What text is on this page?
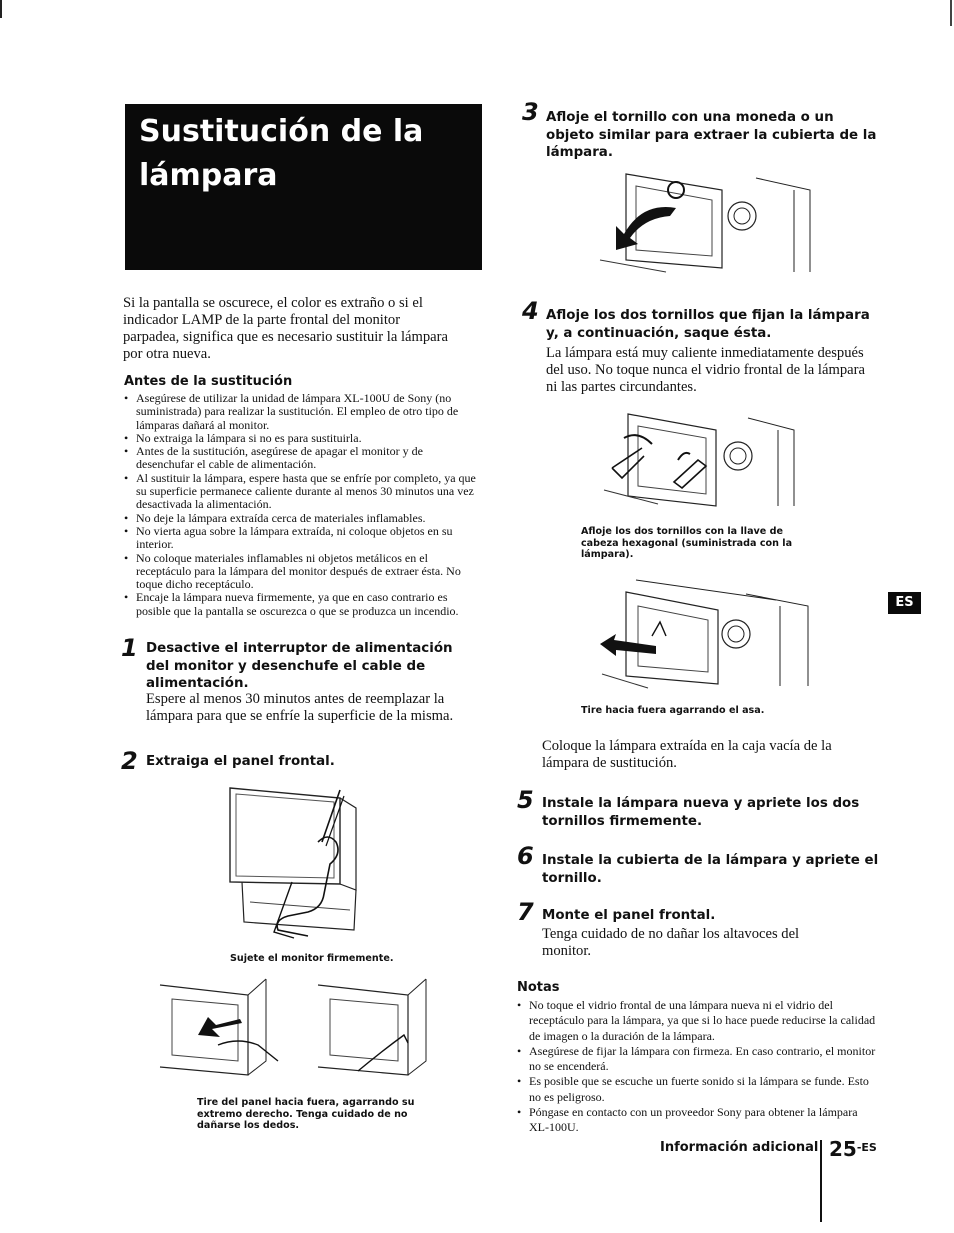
Sustitución de la
lámpara
Si la pantalla se oscurece, el color es extraño o si el indicador LAMP de la parte frontal del monitor parpadea, significa que es necesario sustituir la lámpara por otra nueva.
Antes de la sustitución
• Asegúrese de utilizar la unidad de lámpara XL-100U de Sony (no suministrada) para realizar la sustitución. El empleo de otro tipo de lámparas dañará al monitor.
• No extraiga la lámpara si no es para sustituirla.
• Antes de la sustitución, asegúrese de apagar el monitor y de desenchufar el cable de alimentación.
• Al sustituir la lámpara, espere hasta que se enfríe por completo, ya que su superficie permanece caliente durante al menos 30 minutos una vez desactivada la alimentación.
• No deje la lámpara extraída cerca de materiales inflamables.
• No vierta agua sobre la lámpara extraída, ni coloque objetos en su interior.
• No coloque materiales inflamables ni objetos metálicos en el receptáculo para la lámpara del monitor después de extraer ésta. No toque dicho receptáculo.
• Encaje la lámpara nueva firmemente, ya que en caso contrario es posible que la pantalla se oscurezca o que se produzca un incendio.
1 Desactive el interruptor de alimentación del monitor y desenchufe el cable de alimentación.
Espere al menos 30 minutos antes de reemplazar la lámpara para que se enfríe la superficie de la misma.
2 Extraiga el panel frontal.
Sujete el monitor firmemente.
Tire del panel hacia fuera, agarrando su extremo derecho. Tenga cuidado de no dañarse los dedos.
3 Afloje el tornillo con una moneda o un objeto similar para extraer la cubierta de la lámpara.
4 Afloje los dos tornillos que fijan la lámpara y, a continuación, saque ésta.
La lámpara está muy caliente inmediatamente después del uso. No toque nunca el vidrio frontal de la lámpara ni las partes circundantes.
Afloje los dos tornillos con la llave de cabeza hexagonal (suministrada con la lámpara).
Tire hacia fuera agarrando el asa.
Coloque la lámpara extraída en la caja vacía de la lámpara de sustitución.
5 Instale la lámpara nueva y apriete los dos tornillos firmemente.
6 Instale la cubierta de la lámpara y apriete el tornillo.
7 Monte el panel frontal.
Tenga cuidado de no dañar los altavoces del monitor.
Notas
• No toque el vidrio frontal de una lámpara nueva ni el vidrio del receptáculo para la lámpara, ya que si lo hace puede reducirse la calidad de imagen o la duración de la lámpara.
• Asegúrese de fijar la lámpara con firmeza. En caso contrario, el monitor no se encenderá.
• Es posible que se escuche un fuerte sonido si la lámpara se funde. Esto no es peligroso.
• Póngase en contacto con un proveedor Sony para obtener la lámpara XL-100U.
ES
Información adicional $25^{-ES}$
